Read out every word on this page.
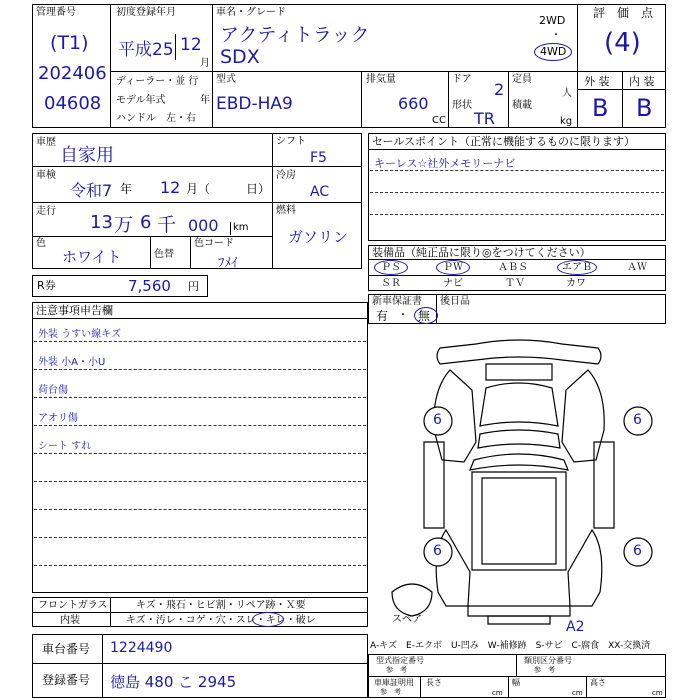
管理番号
(T1)
202406
04608
初度登録年月
平成25 12
月
ディーラー・並 行
モデル年式	年
ハンドル　左・右
車名・グレード
アクティトラック
SDX
2WD
・
4WD
型式
EBD-HA9
排気量
660
CC
ドア
2
形状
TR
定員
人
積載
kg
評　価　点
(4)
外 装 内 装
B B
車歴
自家用
車検
令和7 年 12 月（	日）
走行
13 万 6 千 000 km
色
ホワイト	色替
色コード
ﾌﾒｲ
シフト
F5
冷房
AC
燃料
ガソリン
R券	7,560 円
セールスポイント（正常に機能するものに限ります）
キーレス☆社外メモリーナビ
装備品（純正品に限り◎をつけてください）
ＰＳ	ＰＷ	ＡＢＳ	エアＢ	ＡＷ
ＳＲ	ナビ	ＴＶ	カワ
新車保証書
有 ・ 無
後日品
注意事項申告欄
外装 うすい線キズ
外装 小A・小U
荷台傷
アオリ傷
シート すれ
フロントガラス	キズ・飛石・ヒビ割・リペア跡・Ｘ要
内装	キズ・汚レ・コゲ・穴・スレ・キレ・破レ
車台番号 1224490
登録番号 徳島 480 こ 2945
6	6
6	6
スペア	A2
A-キズ　E-エクボ　U-凹み　W-補修跡　S-サビ　C-腐食　XX-交換済
型式指定番号
参　考
類別区分番号
参　考
車庫証明用
参　考
長さ
cm
幅
cm
高さ
cm
